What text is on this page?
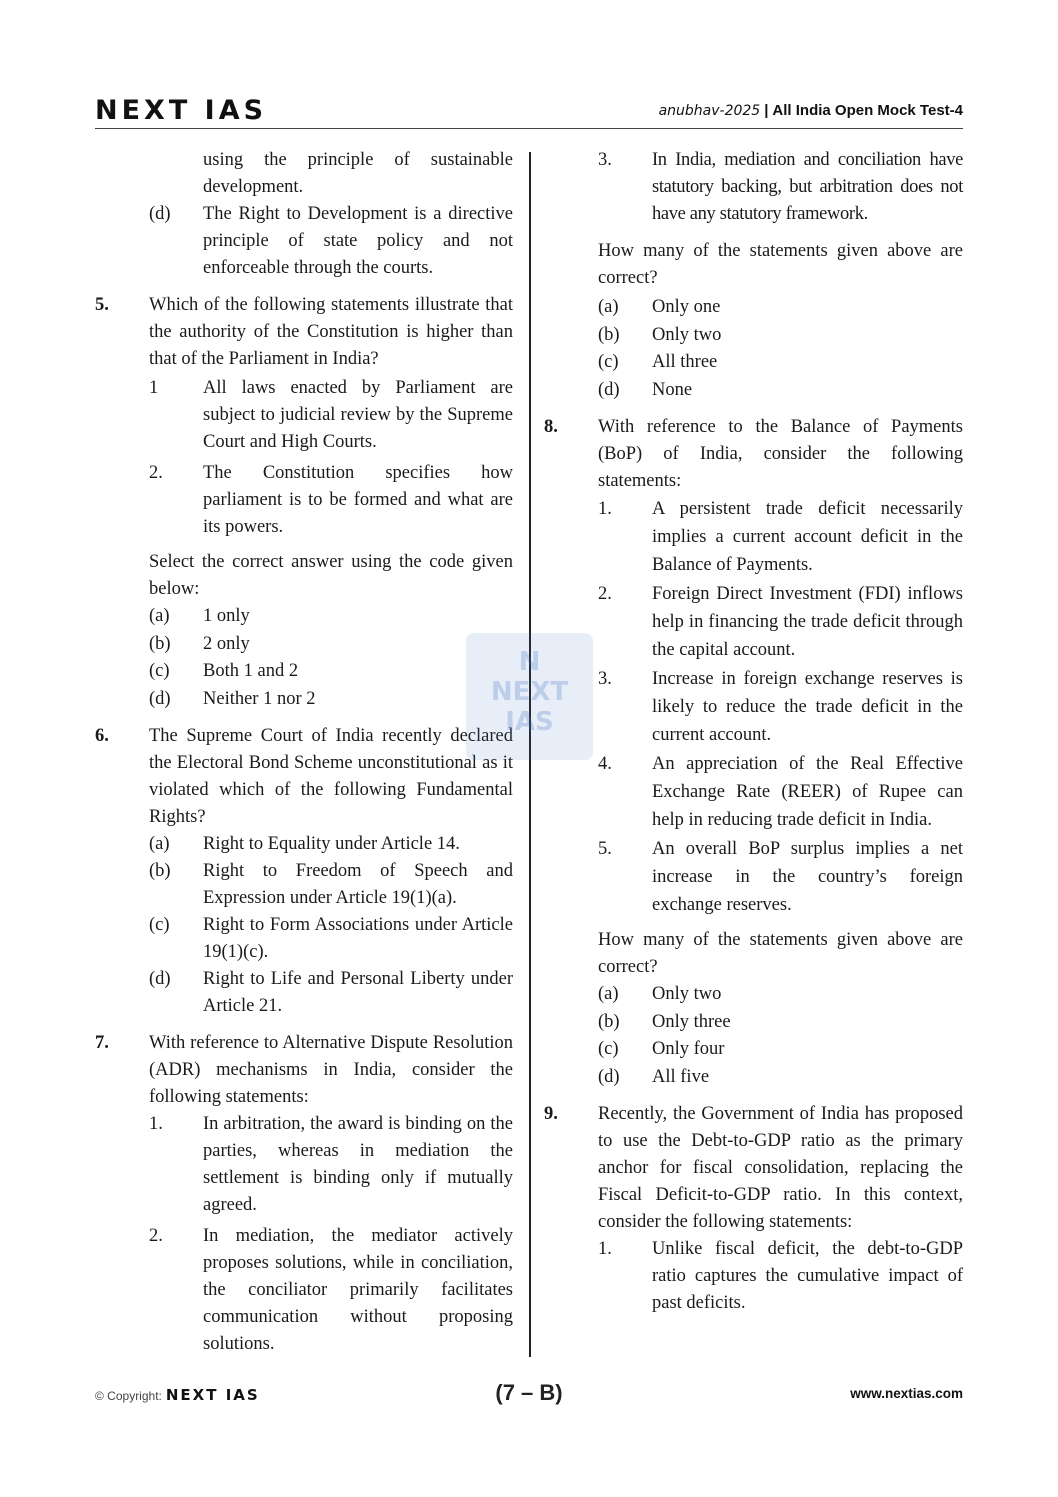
NEXT IAS	anubhav-2025 | All India Open Mock Test-4
using the principle of sustainable development.
(d) The Right to Development is a directive principle of state policy and not enforceable through the courts.
5. Which of the following statements illustrate that the authority of the Constitution is higher than that of the Parliament in India?

1 All laws enacted by Parliament are subject to judicial review by the Supreme Court and High Courts.
2. The Constitution specifies how parliament is to be formed and what are its powers.

Select the correct answer using the code given below:

(a) 1 only
(b) 2 only
(c) Both 1 and 2
(d) Neither 1 nor 2
6. The Supreme Court of India recently declared the Electoral Bond Scheme unconstitutional as it violated which of the following Fundamental Rights?

(a) Right to Equality under Article 14.
(b) Right to Freedom of Speech and Expression under Article 19(1)(a).
(c) Right to Form Associations under Article 19(1)(c).
(d) Right to Life and Personal Liberty under Article 21.
7. With reference to Alternative Dispute Resolution (ADR) mechanisms in India, consider the following statements:

1. In arbitration, the award is binding on the parties, whereas in mediation the settlement is binding only if mutually agreed.
2. In mediation, the mediator actively proposes solutions, while in conciliation, the conciliator primarily facilitates communication without proposing solutions.
3. In India, mediation and conciliation have statutory backing, but arbitration does not have any statutory framework.

How many of the statements given above are correct?

(a) Only one
(b) Only two
(c) All three
(d) None
8. With reference to the Balance of Payments (BoP) of India, consider the following statements:

1. A persistent trade deficit necessarily implies a current account deficit in the Balance of Payments.
2. Foreign Direct Investment (FDI) inflows help in financing the trade deficit through the capital account.
3. Increase in foreign exchange reserves is likely to reduce the trade deficit in the current account.
4. An appreciation of the Real Effective Exchange Rate (REER) of Rupee can help in reducing trade deficit in India.
5. An overall BoP surplus implies a net increase in the country’s foreign exchange reserves.

How many of the statements given above are correct?

(a) Only two
(b) Only three
(c) Only four
(d) All five
9. Recently, the Government of India has proposed to use the Debt-to-GDP ratio as the primary anchor for fiscal consolidation, replacing the Fiscal Deficit-to-GDP ratio. In this context, consider the following statements:

1. Unlike fiscal deficit, the debt-to-GDP ratio captures the cumulative impact of past deficits.
N
NEXT
IAS
© Copyright: NEXT IAS	(7 – B)	www.nextias.com
